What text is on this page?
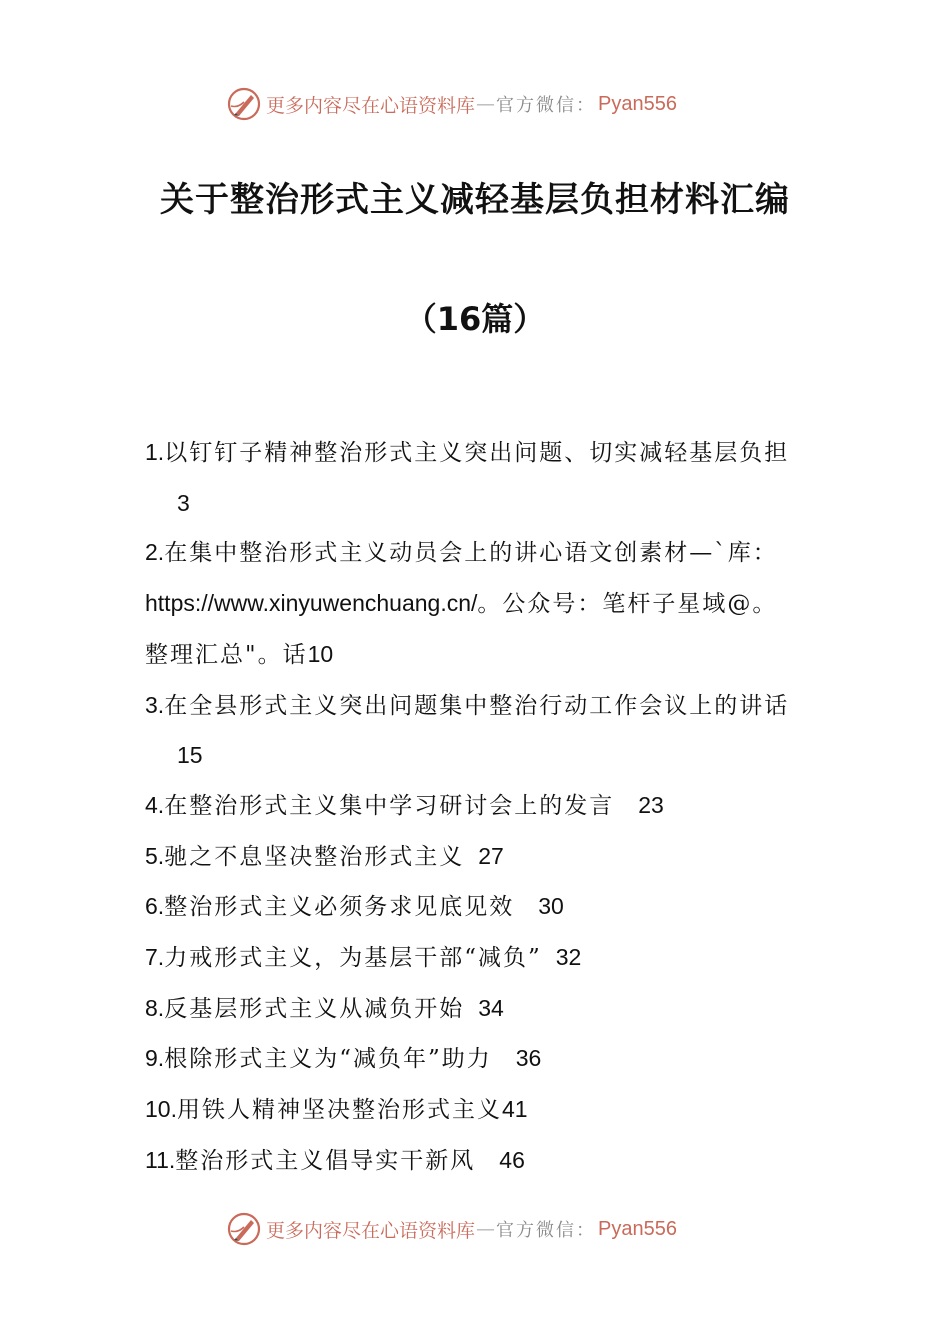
更多内容尽在心语资料库 — 官方微信： Pyan556
关于整治形式主义减轻基层负担材料汇编
（16篇）
1.以钉钉子精神整治形式主义突出问题、切实减轻基层负担
3
2.在集中整治形式主义动员会上的讲心语文创素材—`库：
https://www.xinyuwenchuang.cn/。公众号：笔杆子星域@。
整理汇总"。话10
3.在全县形式主义突出问题集中整治行动工作会议上的讲话
15
4.在整治形式主义集中学习研讨会上的发言 23
5.驰之不息坚决整治形式主义 27
6.整治形式主义必须务求见底见效 30
7.力戒形式主义，为基层干部“减负” 32
8.反基层形式主义从减负开始 34
9.根除形式主义为“减负年”助力 36
10.用铁人精神坚决整治形式主义41
11.整治形式主义倡导实干新风 46
更多内容尽在心语资料库 — 官方微信： Pyan556
